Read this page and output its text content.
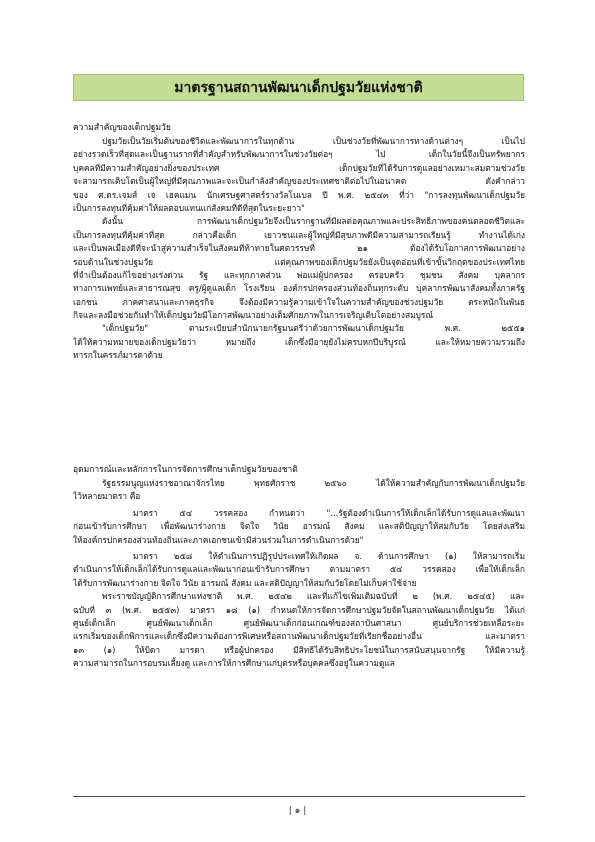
มาตรฐานสถานพัฒนาเด็กปฐมวัยแห่งชาติ
ความสำคัญของเด็กปฐมวัย
ปฐมวัยเป็นวัยเริ่มต้นของชีวิตและพัฒนาการในทุกด้าน เป็นช่วงวัยที่พัฒนาการทางด้านต่างๆ เป็นไป
อย่างรวดเร็วที่สุดและเป็นฐานรากที่สำคัญสำหรับพัฒนาการในช่วงวัยต่อๆ ไป เด็กในวัยนี้จึงเป็นทรัพยากร
บุคคลที่มีความสำคัญอย่างยิ่งของประเทศ เด็กปฐมวัยที่ได้รับการดูแลอย่างเหมาะสมตามช่วงวัย
จะสามารถเติบโตเป็นผู้ใหญ่ที่มีคุณภาพและจะเป็นกำลังสำคัญของประเทศชาติต่อไปในอนาคต ดังคำกล่าว
ของ ศ.ดร.เจมส์ เจ เฮคแมน นักเศรษฐศาสตร์รางวัลโนเบล ปี พ.ศ. ๒๕๔๓ ที่ว่า "การลงทุนพัฒนาเด็กปฐมวัย
เป็นการลงทุนที่คุ้มค่าให้ผลตอบแทนแก่สังคมที่ดีที่สุดในระยะยาว"
ดังนั้น การพัฒนาเด็กปฐมวัยจึงเป็นรากฐานที่มีผลต่อคุณภาพและประสิทธิภาพของคนตลอดชีวิตและ
เป็นการลงทุนที่คุ้มค่าที่สุด กล่าวคือเด็ก เยาวชนและผู้ใหญ่ที่มีสุขภาพดีมีความสามารถเรียนรู้ ทำงานได้เก่ง
และเป็นพลเมืองดีที่จะนำสู่ความสำเร็จในสังคมที่ท้าทายในศตวรรษที่ ๒๑ ต้องได้รับโอกาสการพัฒนาอย่าง
รอบด้านในช่วงปฐมวัย แต่คุณภาพของเด็กปฐมวัยยังเป็นจุดอ่อนที่เข้าขั้นวิกฤตของประเทศไทย
ที่จำเป็นต้องแก้ไขอย่างเร่งด่วน รัฐ และทุกภาคส่วน พ่อแม่ผู้ปกครอง ครอบครัว ชุมชน สังคม บุคลากร
ทางการแพทย์และสาธารณสุข ครู/ผู้ดูแลเด็ก โรงเรียน องค์กรปกครองส่วนท้องถิ่นทุกระดับ บุคลากรพัฒนาสังคมทั้งภาครัฐ
เอกชน ภาคศาสนาและภาคธุรกิจ จึงต้องมีความรู้ความเข้าใจในความสำคัญของช่วงปฐมวัย ตระหนักในพันธ
กิจและลงมือช่วยกันทำให้เด็กปฐมวัยมีโอกาสพัฒนาอย่างเต็มศักยภาพในการเจริญเติบโตอย่างสมบูรณ์
"เด็กปฐมวัย" ตามระเบียบสำนักนายกรัฐมนตรีว่าด้วยการพัฒนาเด็กปฐมวัย พ.ศ. ๒๕๕๑
ได้ให้ความหมายของเด็กปฐมวัยว่า หมายถึง เด็กซึ่งมีอายุยังไม่ครบหกปีบริบูรณ์ และให้หมายความรวมถึง
ทารกในครรภ์มารดาด้วย
อุดมการณ์และหลักการในการจัดการศึกษาเด็กปฐมวัยของชาติ
รัฐธรรมนูญแห่งราชอาณาจักรไทย พุทธศักราช ๒๕๖๐ ได้ให้ความสำคัญกับการพัฒนาเด็กปฐมวัย
ไว้หลายมาตรา คือ
มาตรา ๕๔ วรรคสอง กำหนดว่า "...รัฐต้องดำเนินการให้เด็กเล็กได้รับการดูแลและพัฒนา
ก่อนเข้ารับการศึกษา เพื่อพัฒนาร่างกาย จิตใจ วินัย อารมณ์ สังคม และสติปัญญาให้สมกับวัย โดยส่งเสริม
ให้องค์กรปกครองส่วนท้องถิ่นและภาคเอกชนเข้ามีส่วนร่วมในการดำเนินการด้วย"
มาตรา ๒๕๘ ให้ดำเนินการปฏิรูปประเทศให้เกิดผล จ. ด้านการศึกษา (๑) ให้สามารถเริ่ม
ดำเนินการให้เด็กเล็กได้รับการดูแลและพัฒนาก่อนเข้ารับการศึกษา ตามมาตรา ๕๔ วรรคสอง เพื่อให้เด็กเล็ก
ได้รับการพัฒนาร่างกาย จิตใจ วินัย อารมณ์ สังคม และสติปัญญาให้สมกับวัยโดยไม่เก็บค่าใช้จ่าย
พระราชบัญญัติการศึกษาแห่งชาติ พ.ศ. ๒๕๔๒ และที่แก้ไขเพิ่มเติมฉบับที่ ๒ (พ.ศ. ๒๕๔๕) และ
ฉบับที่ ๓ (พ.ศ. ๒๕๕๓) มาตรา ๑๘ (๑) กำหนดให้การจัดการศึกษาปฐมวัยจัดในสถานพัฒนาเด็กปฐมวัย ได้แก่
ศูนย์เด็กเล็ก ศูนย์พัฒนาเด็กเล็ก ศูนย์พัฒนาเด็กก่อนเกณฑ์ของสถาบันศาสนา ศูนย์บริการช่วยเหลือระยะ
แรกเริ่มของเด็กพิการและเด็กซึ่งมีความต้องการพิเศษหรือสถานพัฒนาเด็กปฐมวัยที่เรียกชื่ออย่างอื่น และมาตรา
๑๓ (๑) ให้บิดา มารดา หรือผู้ปกครอง มีสิทธิได้รับสิทธิประโยชน์ในการสนับสนุนจากรัฐ ให้มีความรู้
ความสามารถในการอบรมเลี้ยงดู และการให้การศึกษาแก่บุตรหรือบุคคลซึ่งอยู่ในความดูแล
| ๑ |
